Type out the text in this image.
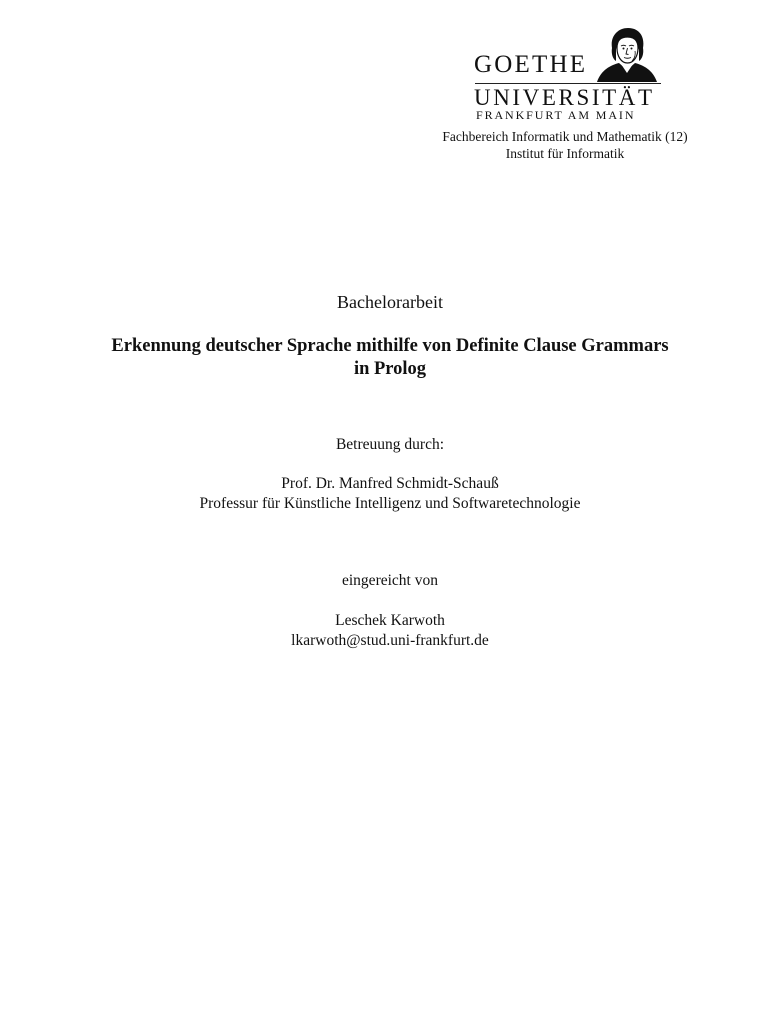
GOETHE
UNIVERSITÄT
FRANKFURT AM MAIN
Fachbereich Informatik und Mathematik (12)
Institut für Informatik
Bachelorarbeit
Erkennung deutscher Sprache mithilfe von Definite Clause Grammars
in Prolog
Betreuung durch:
Prof. Dr. Manfred Schmidt-Schauß
Professur für Künstliche Intelligenz und Softwaretechnologie
eingereicht von
Leschek Karwoth
lkarwoth@stud.uni-frankfurt.de
